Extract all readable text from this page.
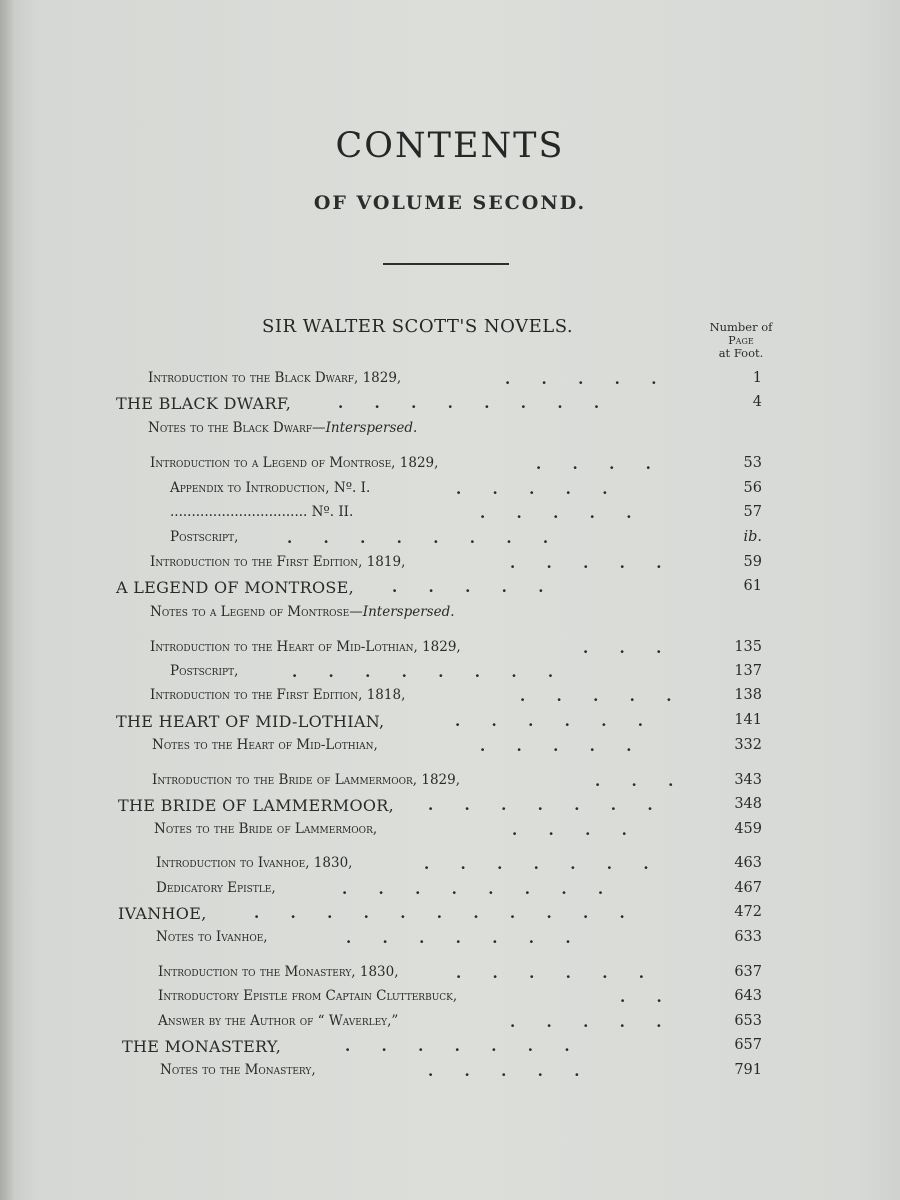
CONTENTS
OF VOLUME SECOND.
SIR WALTER SCOTT'S NOVELS.	Number of
Page
at Foot.
Introduction to the Black Dwarf, 1829,	.      .      .      .      .	1
THE BLACK DWARF,	.      .      .      .      .      .      .      .	4
Notes to the Black Dwarf—Interspersed.
Introduction to a Legend of Montrose, 1829,	.      .      .      .	53
Appendix to Introduction, Nº. I.	.      .      .      .      .	56
................................ Nº. II.	.      .      .      .      .	57
Postscript,	.      .      .      .      .      .      .      .	ib.
Introduction to the First Edition, 1819,	.      .      .      .      .	59
A LEGEND OF MONTROSE,	.      .      .      .      .	61
Notes to a Legend of Montrose—Interspersed.
Introduction to the Heart of Mid-Lothian, 1829,	.      .      .	135
Postscript,	.      .      .      .      .      .      .      .	137
Introduction to the First Edition, 1818,	.      .      .      .      .	138
THE HEART OF MID-LOTHIAN,	.      .      .      .      .      .	141
Notes to the Heart of Mid-Lothian,	.      .      .      .      .	332
Introduction to the Bride of Lammermoor, 1829,	.      .      .	343
THE BRIDE OF LAMMERMOOR, .      .      .      .      .      .      .	348
Notes to the Bride of Lammermoor,	.      .      .      .	459
Introduction to Ivanhoe, 1830,	.      .      .      .      .      .      .	463
Dedicatory Epistle,	.      .      .      .      .      .      .      .	467
IVANHOE,	.      .      .      .      .      .      .      .      .      .      .	472
Notes to Ivanhoe,	.      .      .      .      .      .      .	633
Introduction to the Monastery, 1830,	.      .      .      .      .      .	637
Introductory Epistle from Captain Clutterbuck,	.      .	643
Answer by the Author of “ Waverley,”	.      .      .      .      .	653
THE MONASTERY,	.      .      .      .      .      .      .	657
Notes to the Monastery,	.      .      .      .      .	791
